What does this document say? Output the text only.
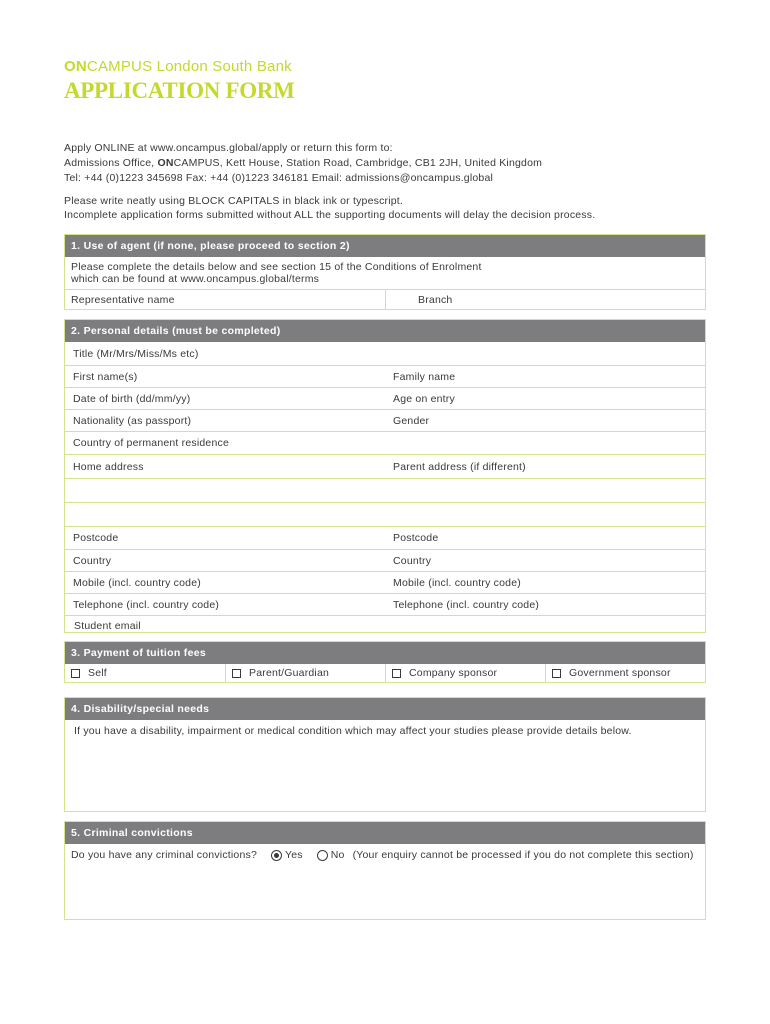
ONCAMPUS London South Bank
APPLICATION FORM
Apply ONLINE at www.oncampus.global/apply or return this form to:
Admissions Office, ONCAMPUS, Kett House, Station Road, Cambridge, CB1 2JH, United Kingdom
Tel: +44 (0)1223 345698 Fax: +44 (0)1223 346181 Email: admissions@oncampus.global
Please write neatly using BLOCK CAPITALS in black ink or typescript.
Incomplete application forms submitted without ALL the supporting documents will delay the decision process.
1. Use of agent (if none, please proceed to section 2)
Please complete the details below and see section 15 of the Conditions of Enrolment
which can be found at www.oncampus.global/terms
Representative name	Branch
2. Personal details (must be completed)
Title (Mr/Mrs/Miss/Ms etc)
First name(s)	Family name
Date of birth (dd/mm/yy)	Age on entry
Nationality (as passport)	Gender
Country of permanent residence
Home address	Parent address (if different)
Postcode	Postcode
Country	Country
Mobile (incl. country code)	Mobile (incl. country code)
Telephone (incl. country code)	Telephone (incl. country code)
Student email
3. Payment of tuition fees
Self	Parent/Guardian	Company sponsor	Government sponsor
4. Disability/special needs
If you have a disability, impairment or medical condition which may affect your studies please provide details below.
5. Criminal convictions
Do you have any criminal convictions?	Yes	No (Your enquiry cannot be processed if you do not complete this section)
